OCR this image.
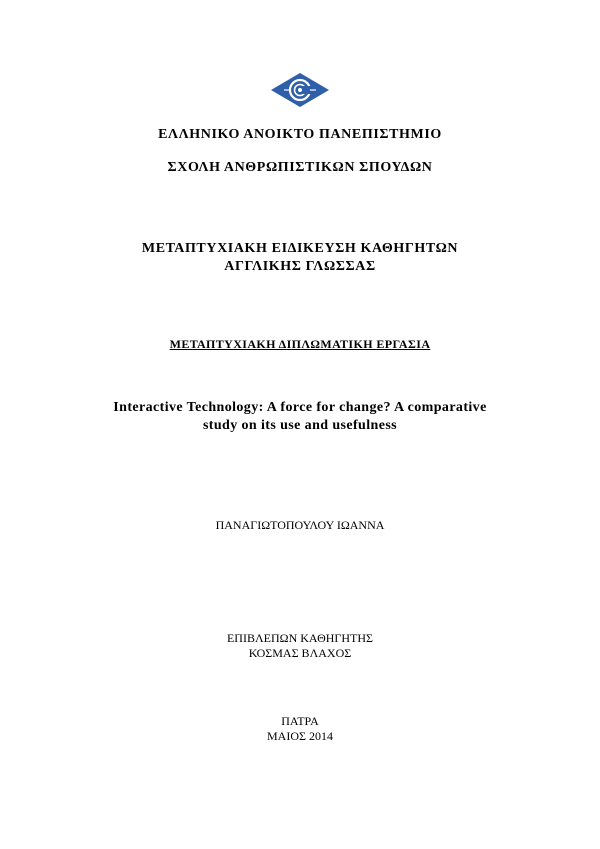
ΕΛΛΗΝΙΚΟ ΑΝΟΙΚΤΟ ΠΑΝΕΠΙΣΤΗΜΙΟ
ΣΧΟΛΗ ΑΝΘΡΩΠΙΣΤΙΚΩΝ ΣΠΟΥΔΩΝ
ΜΕΤΑΠΤΥΧΙΑΚΗ ΕΙΔΙΚΕΥΣΗ ΚΑΘΗΓΗΤΩΝ
ΑΓΓΛΙΚΗΣ ΓΛΩΣΣΑΣ
ΜΕΤΑΠΤΥΧΙΑΚΗ ΔΙΠΛΩΜΑΤΙΚΗ ΕΡΓΑΣΙΑ
Interactive Technology: A force for change? A comparative
study on its use and usefulness
ΠΑΝΑΓΙΩΤΟΠΟΥΛΟΥ ΙΩΑΝΝΑ
ΕΠΙΒΛΕΠΩΝ ΚΑΘΗΓΗΤΗΣ
ΚΟΣΜΑΣ ΒΛΑΧΟΣ
ΠΑΤΡΑ
ΜΑΙΟΣ 2014
